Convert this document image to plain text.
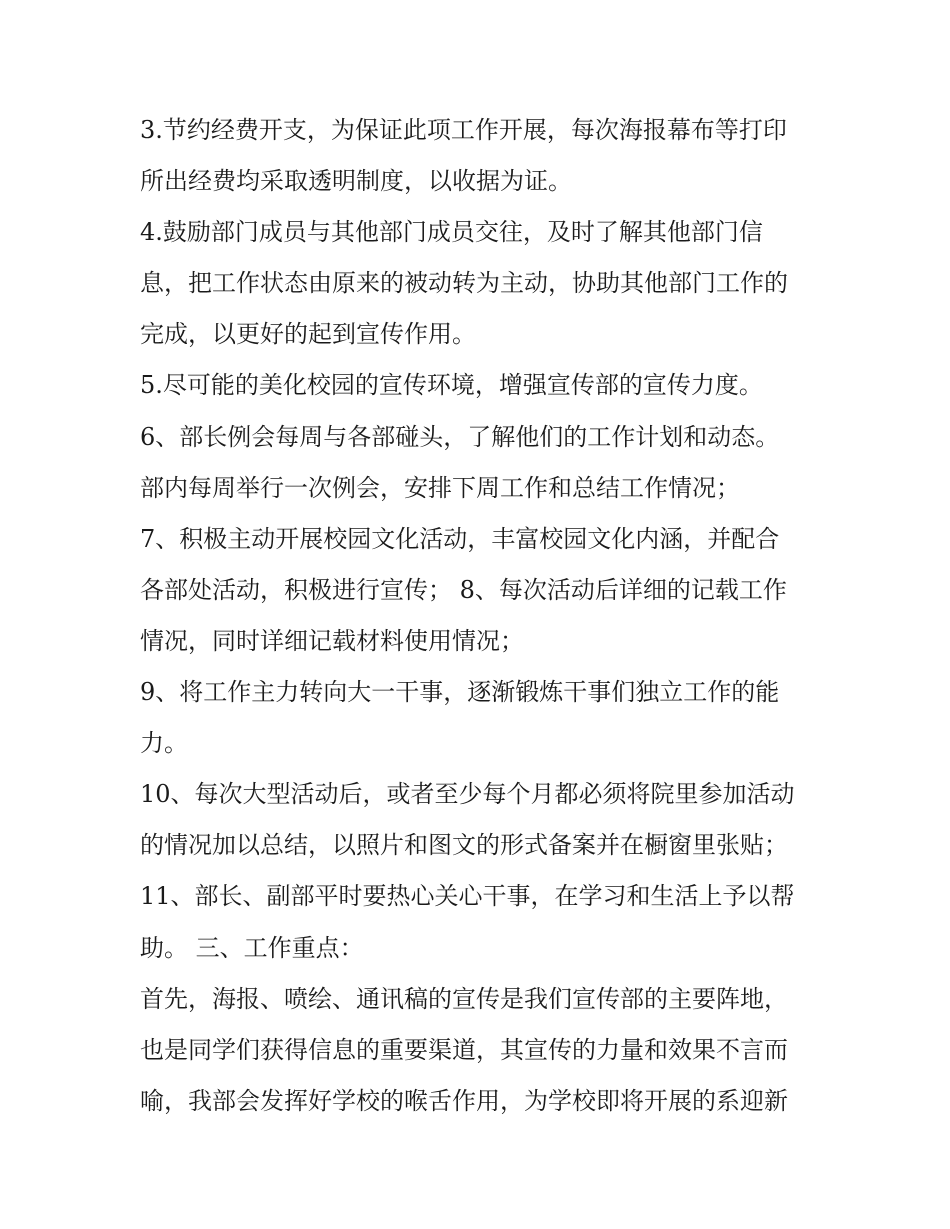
3.节约经费开支，为保证此项工作开展，每次海报幕布等打印
所出经费均采取透明制度，以收据为证。
4.鼓励部门成员与其他部门成员交往，及时了解其他部门信
息，把工作状态由原来的被动转为主动，协助其他部门工作的
完成，以更好的起到宣传作用。
5.尽可能的美化校园的宣传环境，增强宣传部的宣传力度。
6、部长例会每周与各部碰头，了解他们的工作计划和动态。
部内每周举行一次例会，安排下周工作和总结工作情况；
7、积极主动开展校园文化活动，丰富校园文化内涵，并配合
各部处活动，积极进行宣传； 8、每次活动后详细的记载工作
情况，同时详细记载材料使用情况；
9、将工作主力转向大一干事，逐渐锻炼干事们独立工作的能
力。
10、每次大型活动后，或者至少每个月都必须将院里参加活动
的情况加以总结，以照片和图文的形式备案并在橱窗里张贴；
11、部长、副部平时要热心关心干事，在学习和生活上予以帮
助。 三、工作重点：
首先，海报、喷绘、通讯稿的宣传是我们宣传部的主要阵地，
也是同学们获得信息的重要渠道，其宣传的力量和效果不言而
喻，我部会发挥好学校的喉舌作用，为学校即将开展的系迎新
